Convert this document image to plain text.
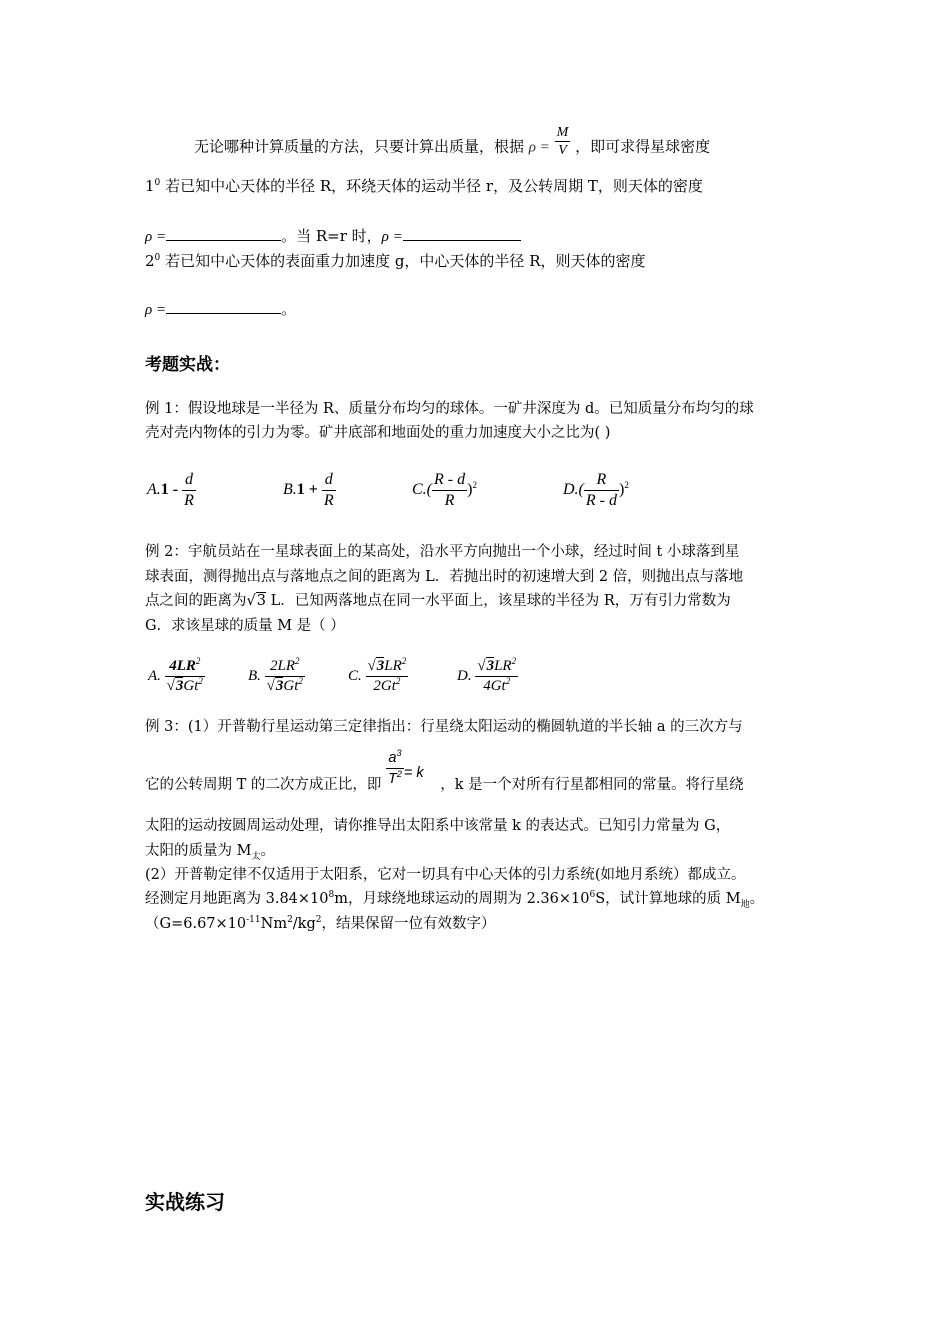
无论哪种计算质量的方法，只要计算出质量，根据 $\rho = \frac{M}{V}$ ，即可求得星球密度
$1^0$ 若已知中心天体的半径 R，环绕天体的运动半径 r，及公转周期 T，则天体的密度
ρ =	。当 R=r 时，ρ =
$2^0$ 若已知中心天体的表面重力加速度 g，中心天体的半径 R，则天体的密度
ρ =	。
考题实战：
例 1：假设地球是一半径为 R、质量分布均匀的球体。一矿井深度为 d。已知质量分布均匀的球
壳对壳内物体的引力为零。矿井底部和地面处的重力加速度大小之比为( )
$A.1 - \frac{d}{R}$	$B.1 + \frac{d}{R}$	$C.( \frac{R - d}{R} )^2$	$D.( \frac{R}{R - d} )^2$
例 2：宇航员站在一星球表面上的某高处，沿水平方向抛出一个小球，经过时间 t 小球落到星
球表面，测得抛出点与落地点之间的距离为 L．若抛出时的初速增大到 2 倍，则抛出点与落地
点之间的距离为√3 L．已知两落地点在同一水平面上，该星球的半径为 R，万有引力常数为
G．求该星球的质量 M 是（ ）
A. $\frac{4LR^2}{√3Gt^2}$	B. $\frac{2LR^2}{√3Gt^2}$	C. $\frac{√3LR^2}{2Gt^2}$	D. $\frac{√3LR^2}{4Gt^2}$
例 3：(1）开普勒行星运动第三定律指出：行星绕太阳运动的椭圆轨道的半长轴 a 的三次方与
它的公转周期 T 的二次方成正比，即 $\frac{a^3}{T^2} = k$ ，k 是一个对所有行星都相同的常量。将行星绕
太阳的运动按圆周运动处理，请你推导出太阳系中该常量 k 的表达式。已知引力常量为 G，
太阳的质量为 $M_太$。
(2）开普勒定律不仅适用于太阳系，它对一切具有中心天体的引力系统(如地月系统）都成立。
经测定月地距离为 $3.84\times 10^8m$，月球绕地球运动的周期为 $2.36\times 10^6S$，试计算地球的质 $M_地$。
（$G=6.67\times 10^{-11}Nm^2/kg^2$，结果保留一位有效数字）
实战练习
